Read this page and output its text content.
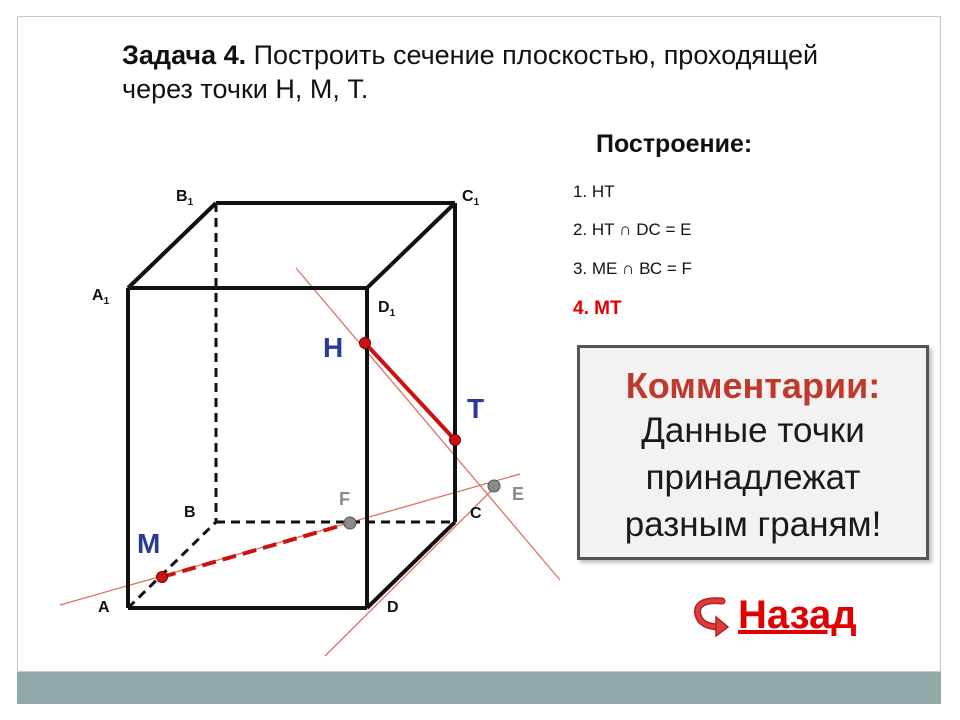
Задача 4. Построить сечение плоскостью, проходящей через точки Н, М, Т.
Построение:
1. НТ
2. НТ ∩ DC = Е
3. МЕ ∩ ВС = F
4. МТ
$B_1$	$C_1$
$A_1$	$D_1$
B	C
A	D
Н
Т
М
Е
F
Комментарии:
Данные точки
принадлежат
разным граням!
Назад
